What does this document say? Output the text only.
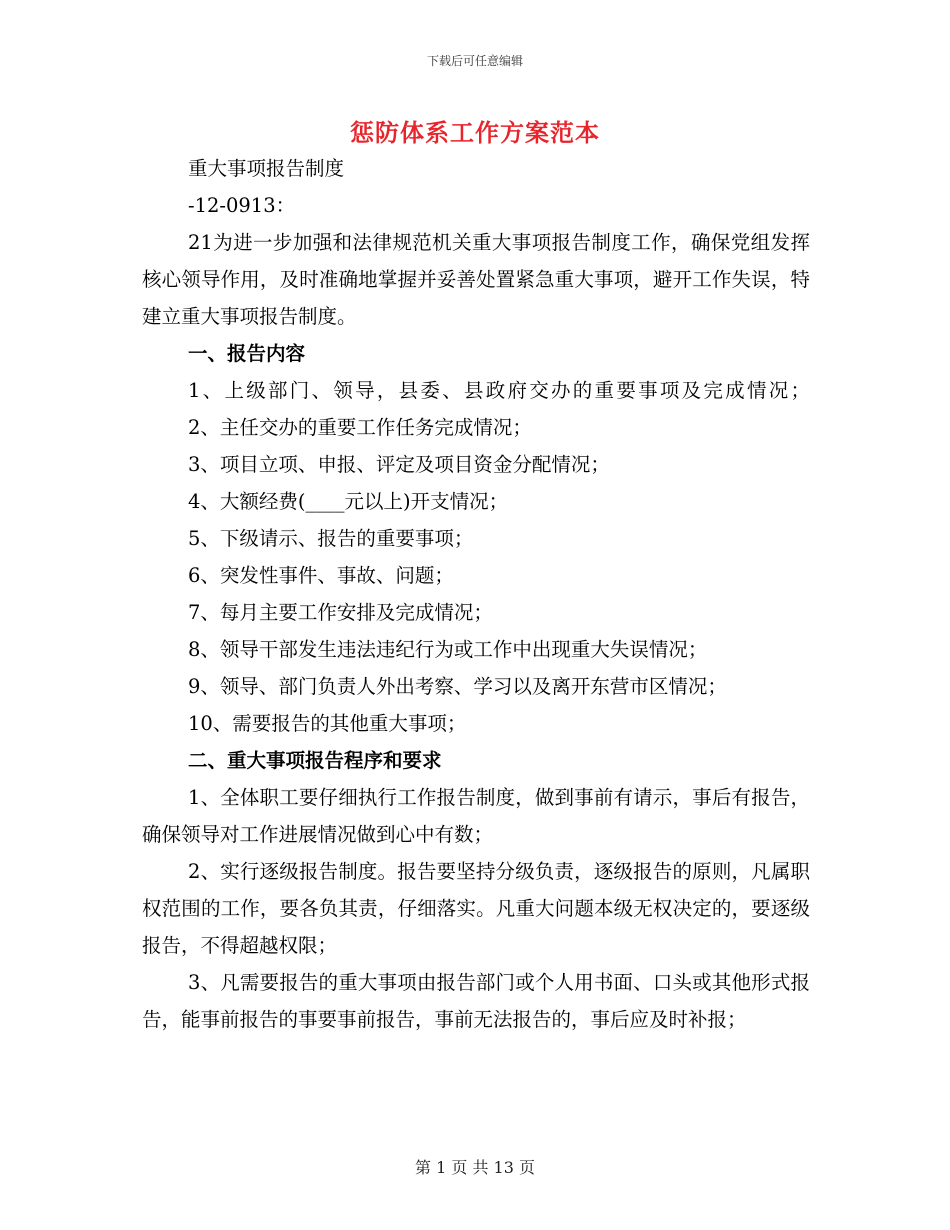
下载后可任意编辑
惩防体系工作方案范本

重大事项报告制度

-12-0913：

21为进一步加强和法律规范机关重大事项报告制度工作，确保党组发挥核心领导作用，及时准确地掌握并妥善处置紧急重大事项，避开工作失误，特建立重大事项报告制度。

一、报告内容

1、上级部门、领导，县委、县政府交办的重要事项及完成情况；

2、主任交办的重要工作任务完成情况；

3、项目立项、申报、评定及项目资金分配情况；

4、大额经费(____元以上)开支情况；

5、下级请示、报告的重要事项；

6、突发性事件、事故、问题；

7、每月主要工作安排及完成情况；

8、领导干部发生违法违纪行为或工作中出现重大失误情况；

9、领导、部门负责人外出考察、学习以及离开东营市区情况；

10、需要报告的其他重大事项；

二、重大事项报告程序和要求

1、全体职工要仔细执行工作报告制度，做到事前有请示，事后有报告，确保领导对工作进展情况做到心中有数；

2、实行逐级报告制度。报告要坚持分级负责，逐级报告的原则，凡属职权范围的工作，要各负其责，仔细落实。凡重大问题本级无权决定的，要逐级报告，不得超越权限；

3、凡需要报告的重大事项由报告部门或个人用书面、口头或其他形式报告，能事前报告的事要事前报告，事前无法报告的，事后应及时补报；

第 1 页 共 13 页
